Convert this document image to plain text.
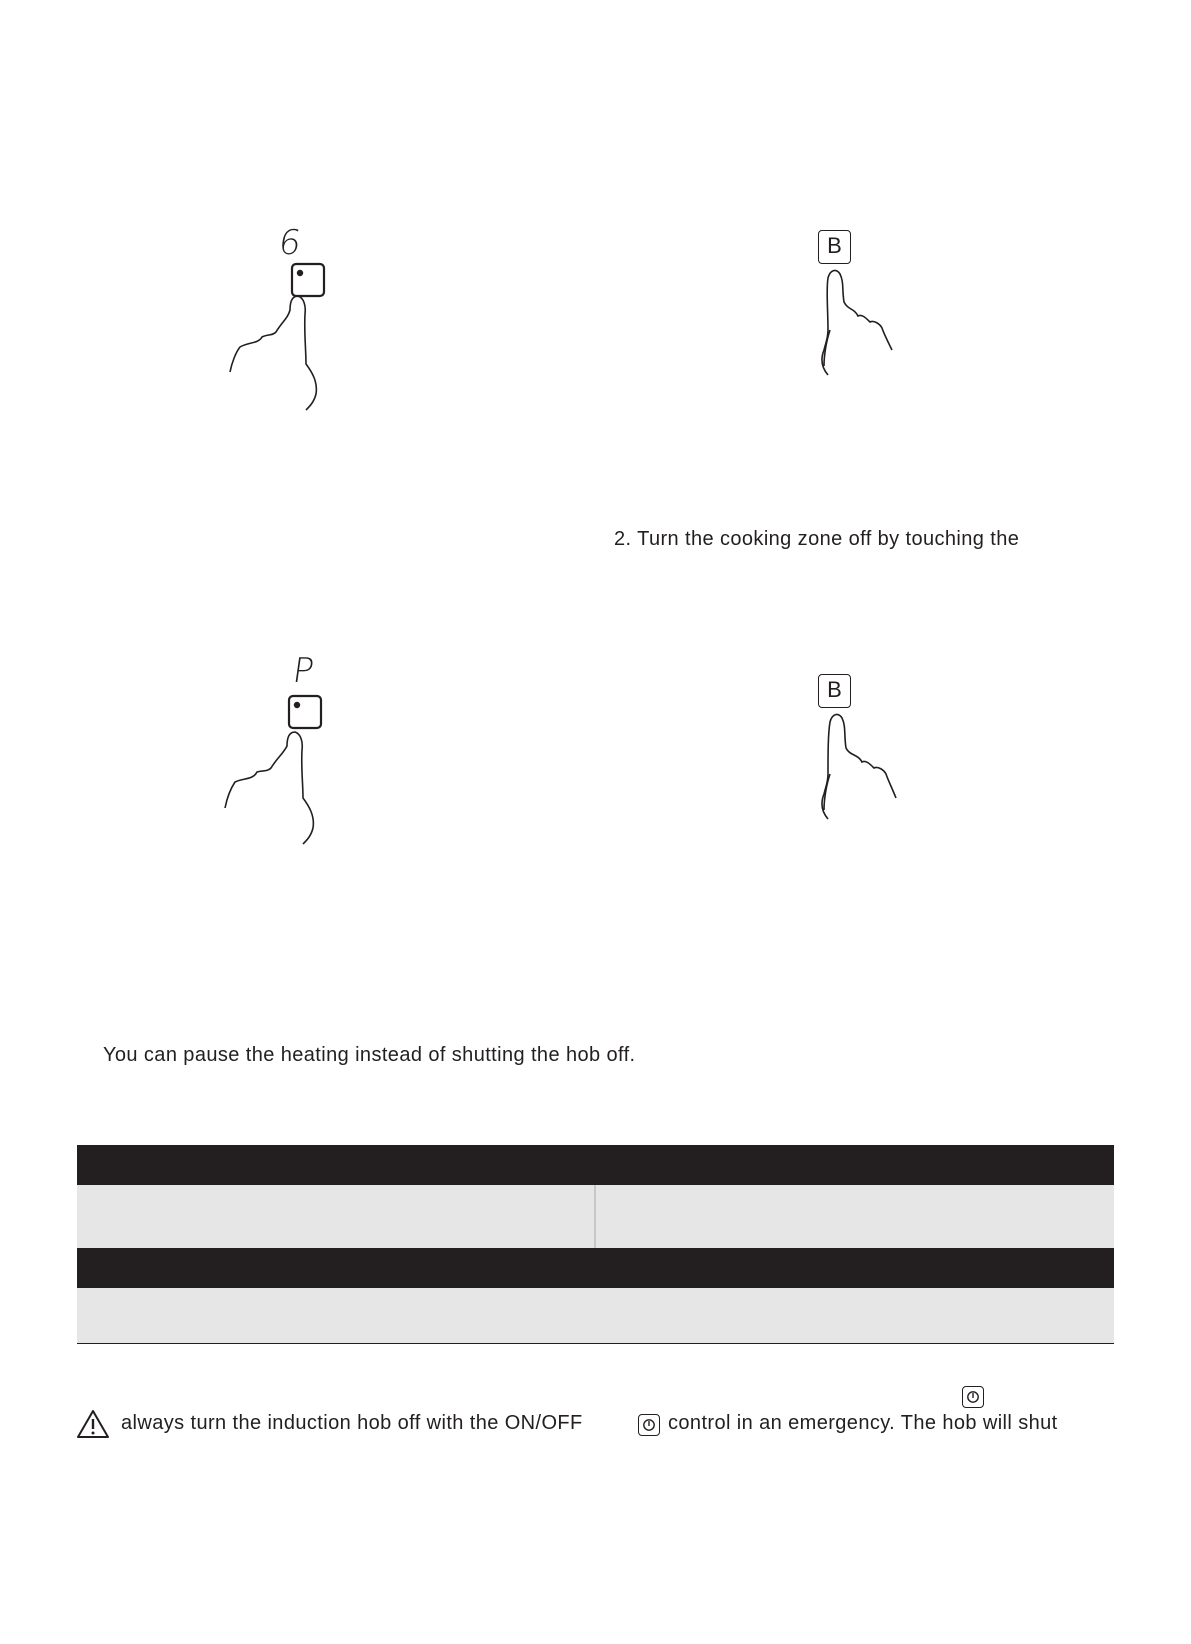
6	B
2. Turn the cooking zone off by touching the
P	B
You can pause the heating instead of shutting the hob off.
always turn the induction hob off with the ON/OFF	control in an emergency. The hob will shut
